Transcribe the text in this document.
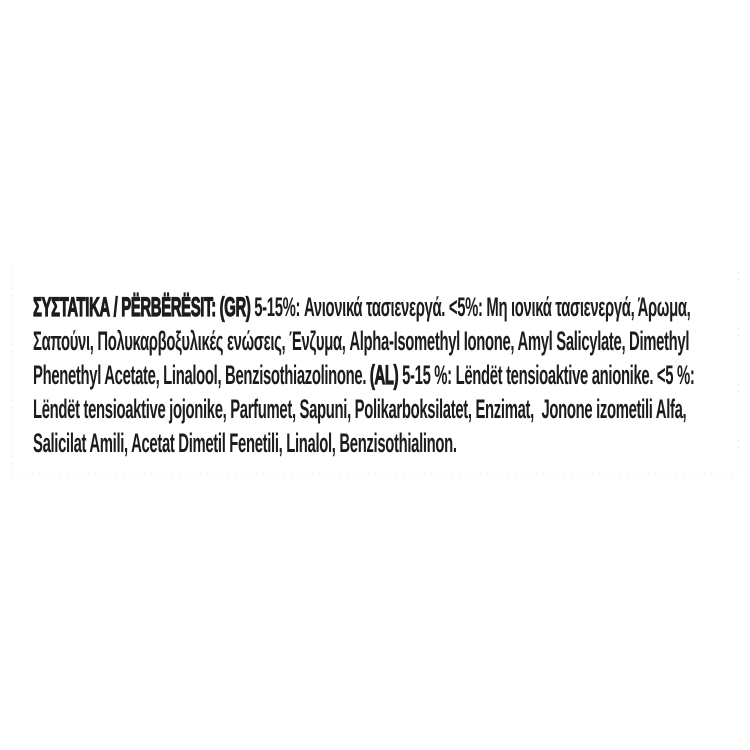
ΣΥΣΤΑΤΙΚΑ / PËRBËRËSIT: (GR) 5-15%: Ανιονικά τασιενεργά. <5%: Μη ιονικά τασιενεργά, Άρωμα,
Σαπούνι, Πολυκαρβοξυλικές ενώσεις, Ένζυμα, Alpha-Isomethyl Ionone, Amyl Salicylate, Dimethyl
Phenethyl Acetate, Linalool, Benzisothiazolinone. (AL) 5-15 %: Lëndët tensioaktive anionike. <5 %:
Lëndët tensioaktive jojonike, Parfumet, Sapuni, Polikarboksilatet, Enzimat,  Jonone izometili Alfa,
Salicilat Amili, Acetat Dimetil Fenetili, Linalol, Benzisothialinon.
